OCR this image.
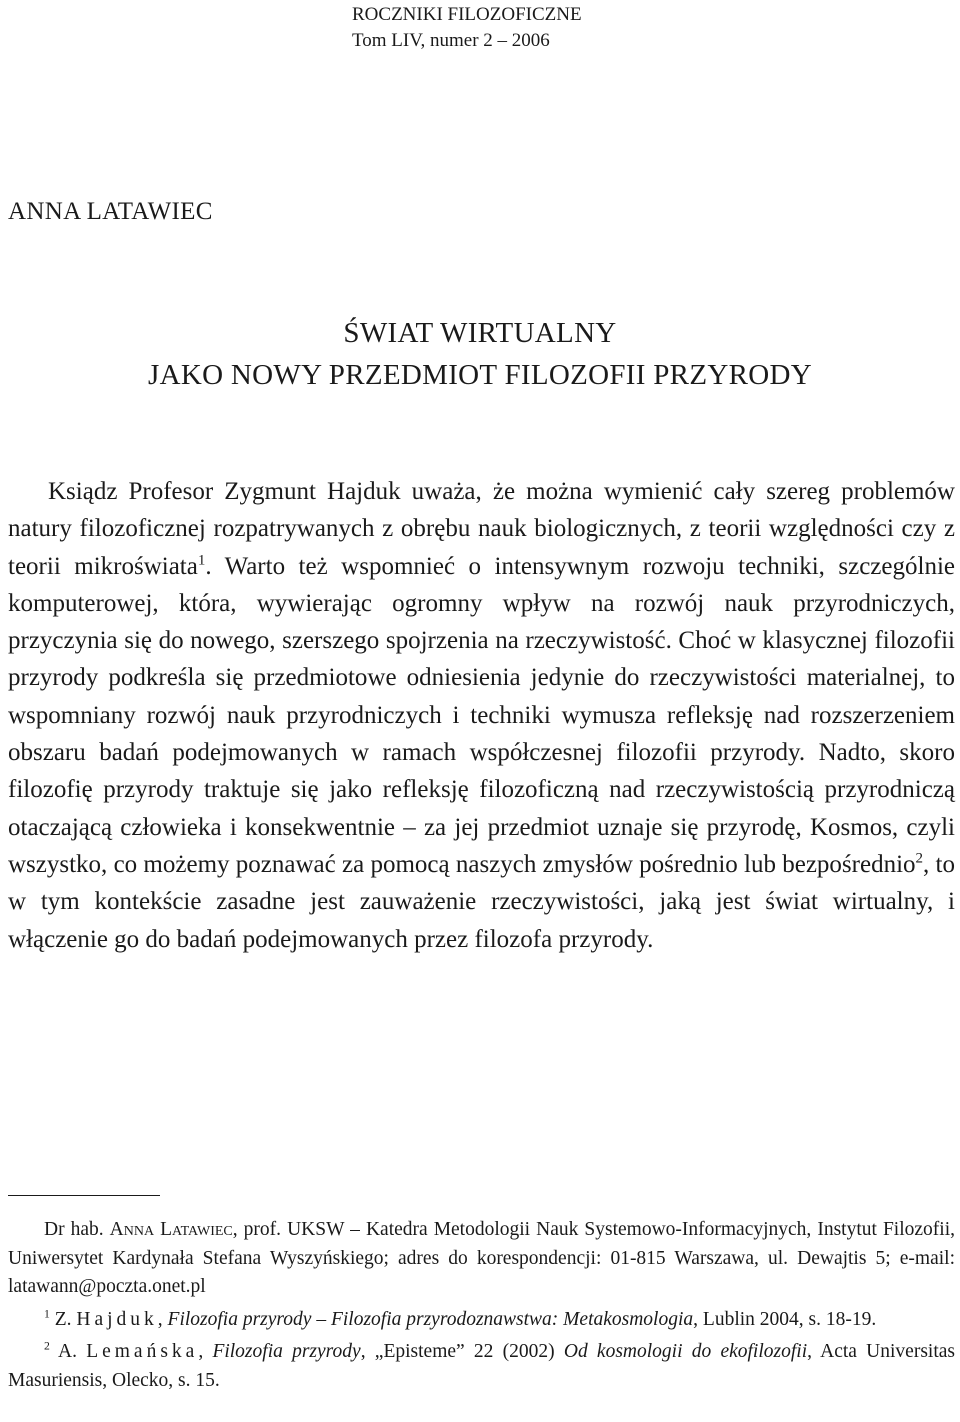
ROCZNIKI FILOZOFICZNE
Tom LIV, numer 2 – 2006
ANNA LATAWIEC
ŚWIAT WIRTUALNY
JAKO NOWY PRZEDMIOT FILOZOFII PRZYRODY

Ksiądz Profesor Zygmunt Hajduk uważa, że można wymienić cały szereg problemów natury filozoficznej rozpatrywanych z obrębu nauk biologicznych, z teorii względności czy z teorii mikroświata$^1$. Warto też wspomnieć o intensywnym rozwoju techniki, szczególnie komputerowej, która, wywierając ogromny wpływ na rozwój nauk przyrodniczych, przyczynia się do nowego, szerszego spojrzenia na rzeczywistość. Choć w klasycznej filozofii przyrody podkreśla się przedmiotowe odniesienia jedynie do rzeczywistości materialnej, to wspomniany rozwój nauk przyrodniczych i techniki wymusza refleksję nad rozszerzeniem obszaru badań podejmowanych w ramach współczesnej filozofii przyrody. Nadto, skoro filozofię przyrody traktuje się jako refleksję filozoficzną nad rzeczywistością przyrodniczą otaczającą człowieka i konsekwentnie – za jej przedmiot uznaje się przyrodę, Kosmos, czyli wszystko, co możemy poznawać za pomocą naszych zmysłów pośrednio lub bezpośrednio$^2$, to w tym kontekście zasadne jest zauważenie rzeczywistości, jaką jest świat wirtualny, i włączenie go do badań podejmowanych przez filozofa przyrody.

Dr hab. Anna Latawiec, prof. UKSW – Katedra Metodologii Nauk Systemowo-Informacyjnych, Instytut Filozofii, Uniwersytet Kardynała Stefana Wyszyńskiego; adres do korespondencji: 01-815 Warszawa, ul. Dewajtis 5; e-mail: latawann@poczta.onet.pl

$^1$ Z. Hajduk, Filozofia przyrody – Filozofia przyrodoznawstwa: Metakosmologia, Lublin 2004, s. 18-19.

$^2$ A. Lemańska, Filozofia przyrody, „Episteme” 22 (2002) Od kosmologii do ekofilozofii, Acta Universitas Masuriensis, Olecko, s. 15.
